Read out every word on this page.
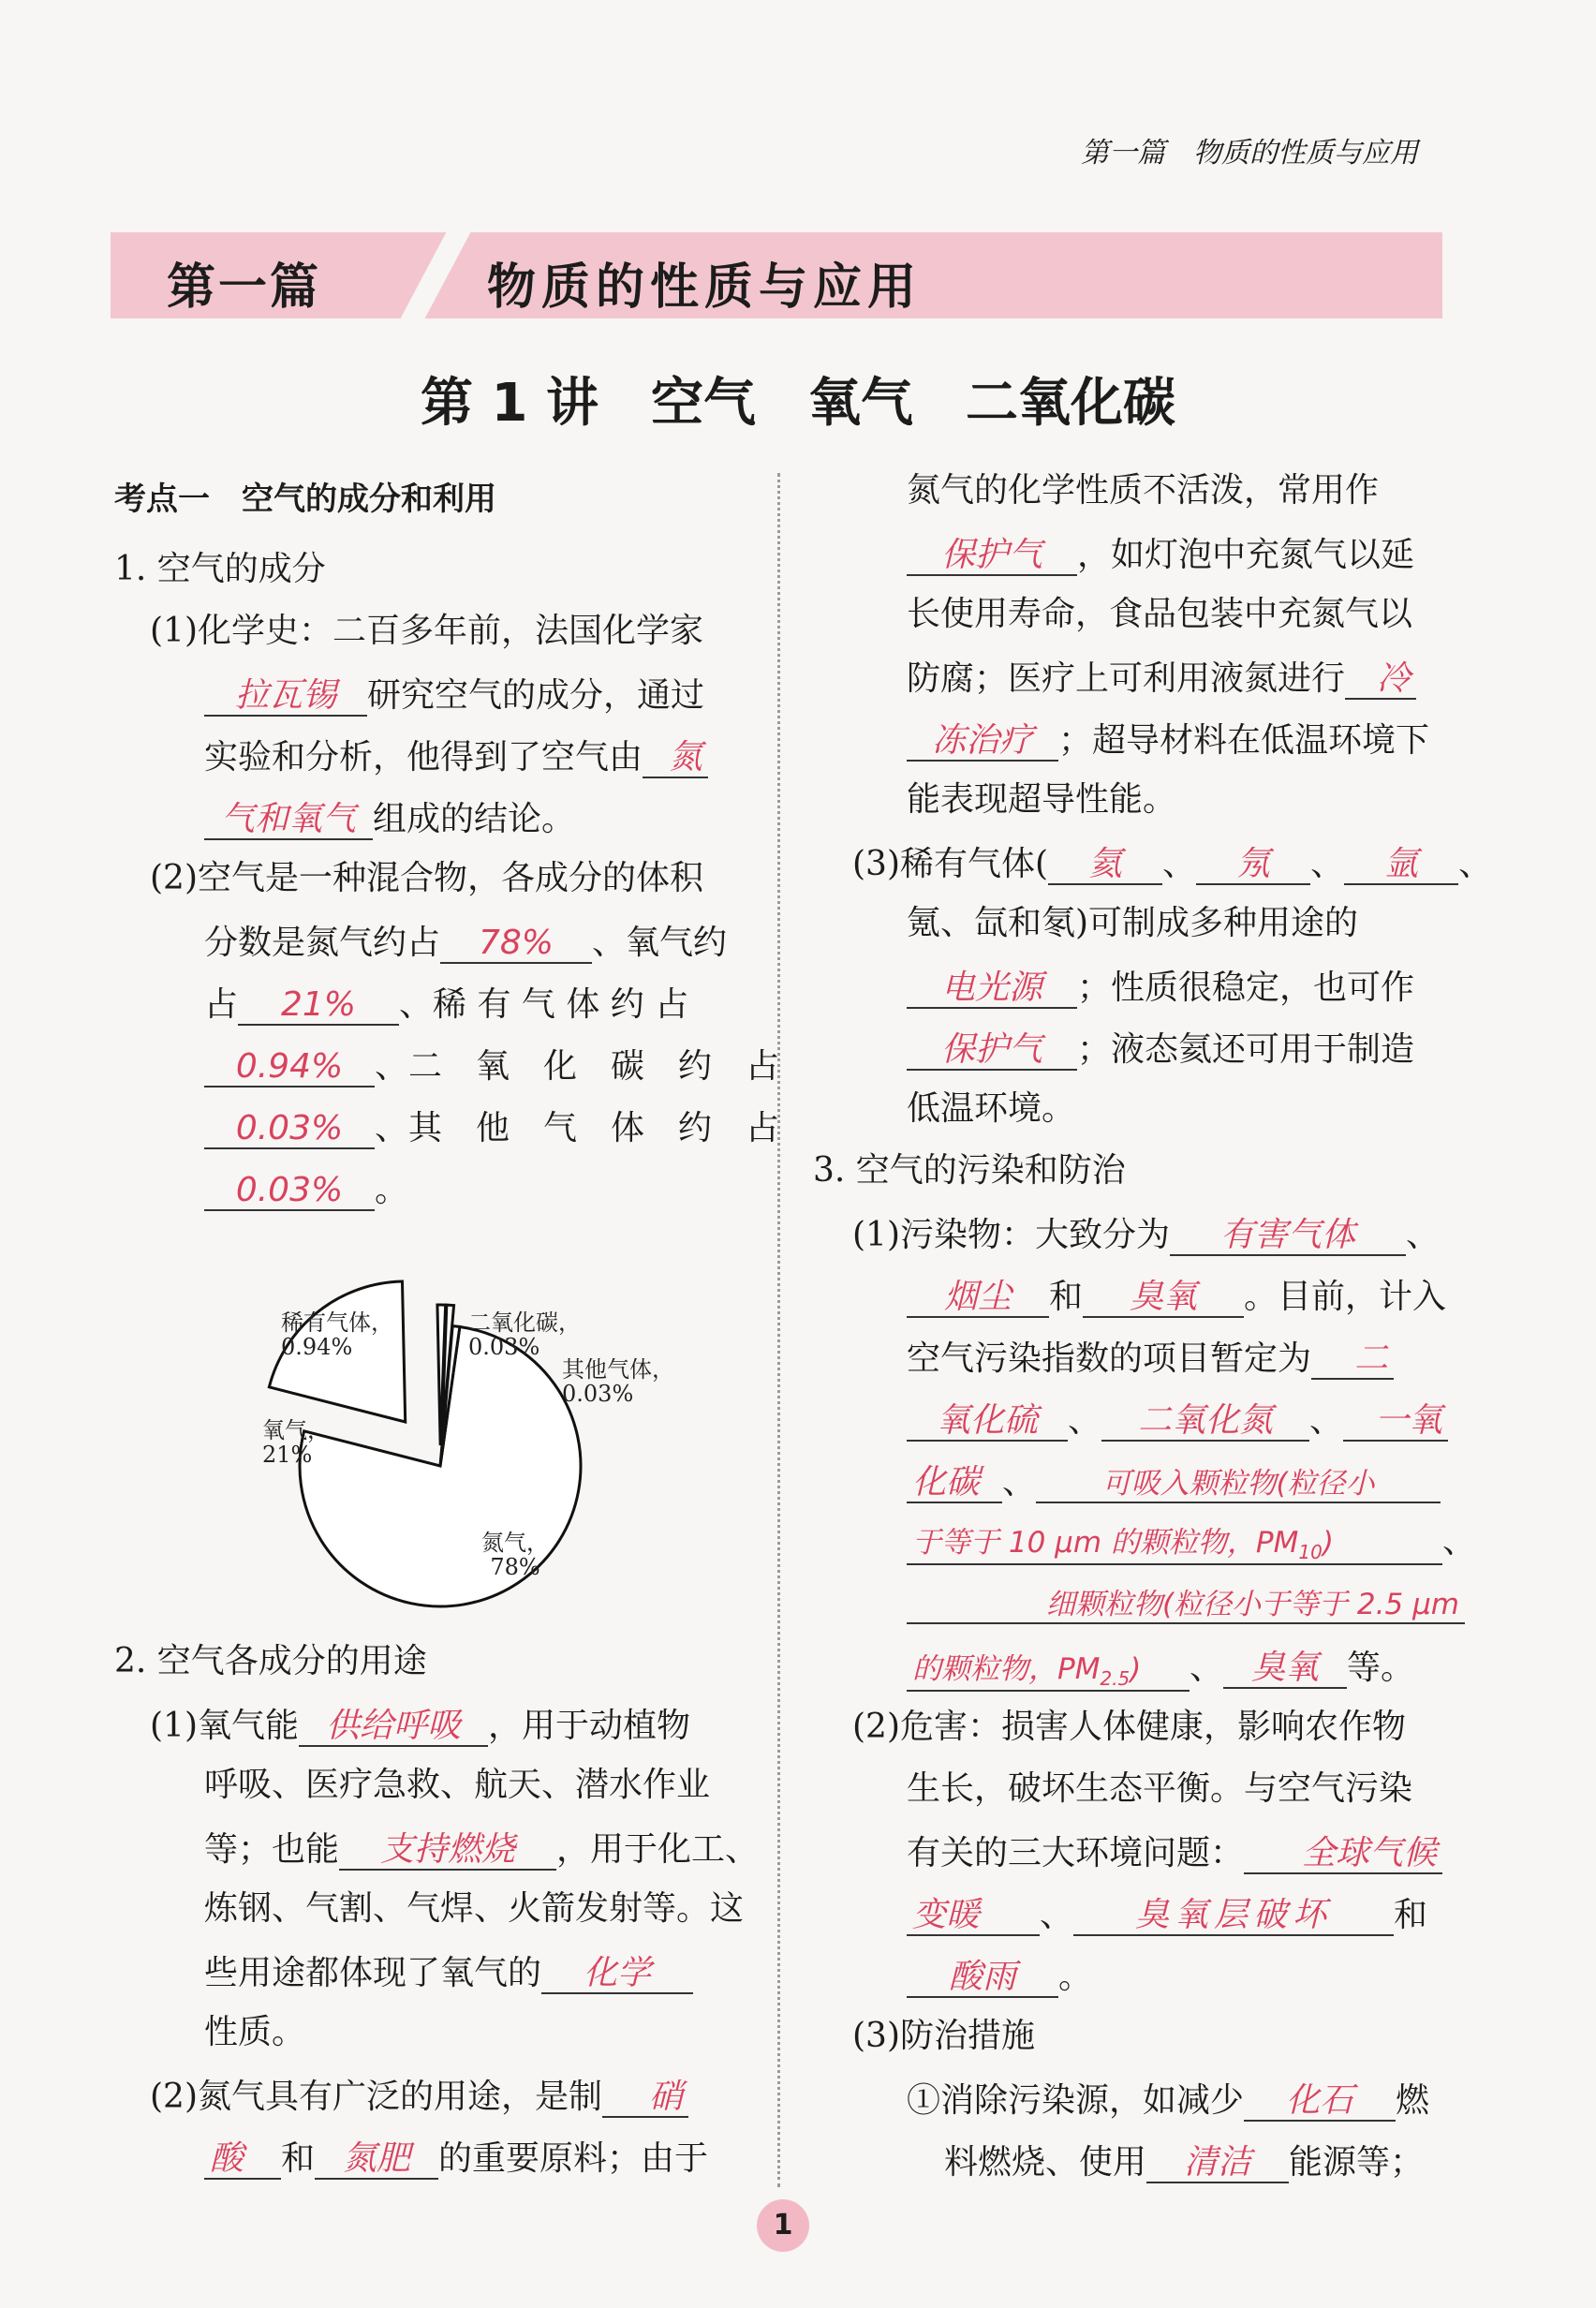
第一篇　物质的性质与应用
第一篇	物质的性质与应用
第 1 讲　空气　氧气　二氧化碳
考点一　空气的成分和利用
1. 空气的成分
(1)化学史：二百多年前，法国化学家
拉瓦锡 研究空气的成分，通过
实验和分析，他得到了空气由 氮
气和氧气 组成的结论。
(2)空气是一种混合物，各成分的体积
分数是氮气约占 78% 、氧气约
占 21% 、稀 有 气 体 约 占
0.94% 、二　氧　化　碳　约　占
0.03% 、其　他　气　体　约　占
0.03% 。
氮气，
78%
氧气，
21%
稀有气体，
0.94%
二氧化碳，
0.03%
其他气体，
0.03%
2. 空气各成分的用途
(1)氧气能 供给呼吸 ，用于动植物
呼吸、医疗急救、航天、潜水作业
等；也能 支持燃烧 ，用于化工、
炼钢、气割、气焊、火箭发射等。这
些用途都体现了氧气的 化学
性质。
(2)氮气具有广泛的用途，是制 硝
酸 和 氮肥 的重要原料；由于
氮气的化学性质不活泼，常用作
保护气 ，如灯泡中充氮气以延
长使用寿命，食品包装中充氮气以
防腐；医疗上可利用液氮进行 冷
冻治疗 ；超导材料在低温环境下
能表现超导性能。
(3)稀有气体( 氦 、 氖 、 氩 、
氪、氙和氡)可制成多种用途的
电光源 ；性质很稳定，也可作
保护气 ；液态氦还可用于制造
低温环境。
3. 空气的污染和防治
(1)污染物：大致分为 有害气体 、
烟尘 和 臭氧 。目前，计入
空气污染指数的项目暂定为 二
氧化硫 、 二氧化氮 、 一氧
化碳 、 可吸入颗粒物(粒径小
于等于 10 μm 的颗粒物，$PM_{10}$)	、
细颗粒物(粒径小于等于 2.5 μm
的颗粒物，$PM_{2.5}$) 、 臭氧 等。
(2)危害：损害人体健康，影响农作物
生长，破坏生态平衡。与空气污染
有关的三大环境问题： 全球气候
变暖 、 臭氧层破坏 和
酸雨 。
(3)防治措施
①消除污染源，如减少 化石 燃
料燃烧、使用 清洁 能源等；
1
